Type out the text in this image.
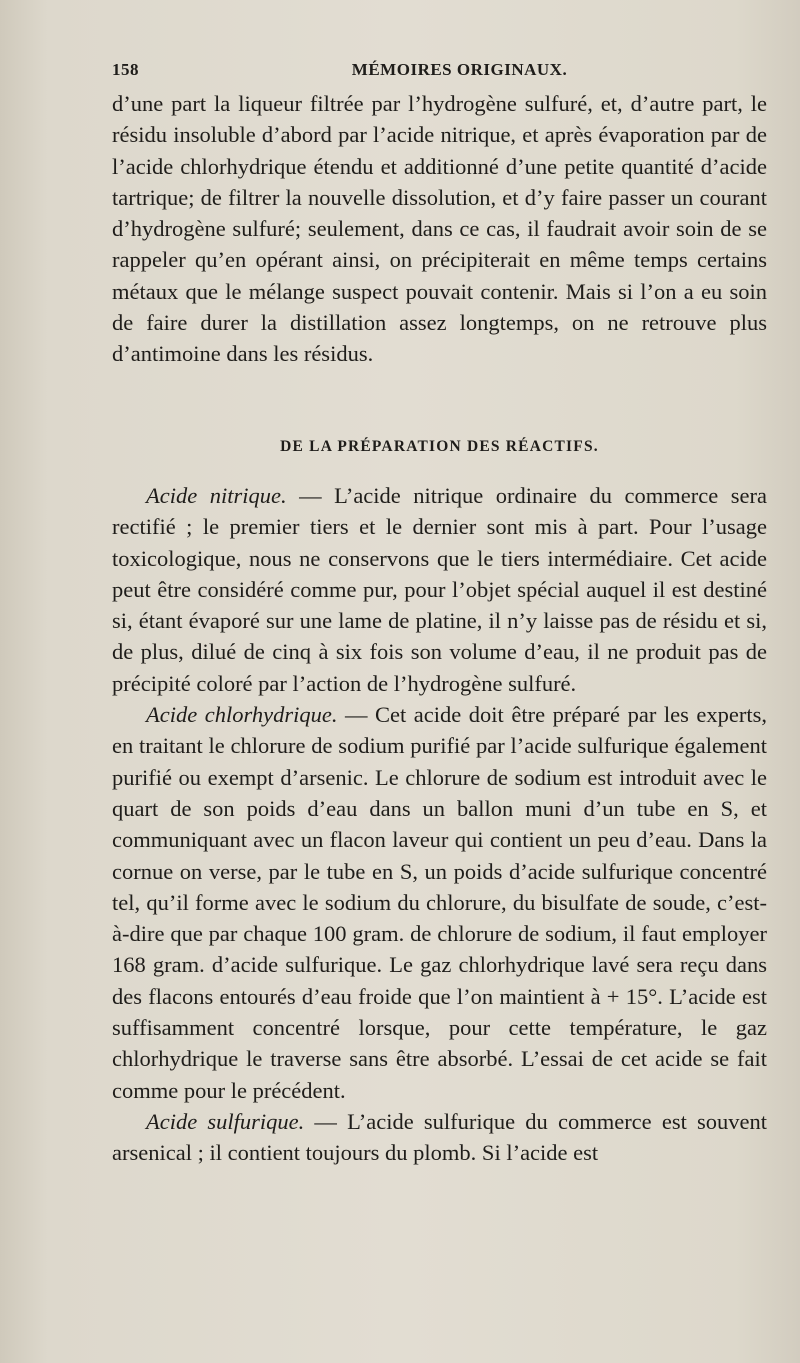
158	MÉMOIRES ORIGINAUX.

d’une part la liqueur filtrée par l’hydrogène sulfuré, et, d’autre part, le résidu insoluble d’abord par l’acide nitrique, et après évaporation par de l’acide chlorhydrique étendu et additionné d’une petite quantité d’acide tartrique; de filtrer la nouvelle dissolution, et d’y faire passer un courant d’hydrogène sulfuré; seulement, dans ce cas, il faudrait avoir soin de se rappeler qu’en opérant ainsi, on précipiterait en même temps certains métaux que le mélange suspect pouvait contenir. Mais si l’on a eu soin de faire durer la distillation assez longtemps, on ne retrouve plus d’antimoine dans les résidus.

DE LA PRÉPARATION DES RÉACTIFS.

Acide nitrique. — L’acide nitrique ordinaire du commerce sera rectifié ; le premier tiers et le dernier sont mis à part. Pour l’usage toxicologique, nous ne conservons que le tiers intermédiaire. Cet acide peut être considéré comme pur, pour l’objet spécial auquel il est destiné si, étant évaporé sur une lame de platine, il n’y laisse pas de résidu et si, de plus, dilué de cinq à six fois son volume d’eau, il ne produit pas de précipité coloré par l’action de l’hydrogène sulfuré.

Acide chlorhydrique. — Cet acide doit être préparé par les experts, en traitant le chlorure de sodium purifié par l’acide sulfurique également purifié ou exempt d’arsenic. Le chlorure de sodium est introduit avec le quart de son poids d’eau dans un ballon muni d’un tube en S, et communiquant avec un flacon laveur qui contient un peu d’eau. Dans la cornue on verse, par le tube en S, un poids d’acide sulfurique concentré tel, qu’il forme avec le sodium du chlorure, du bisulfate de soude, c’est-à-dire que par chaque 100 gram. de chlorure de sodium, il faut employer 168 gram. d’acide sulfurique. Le gaz chlorhydrique lavé sera reçu dans des flacons entourés d’eau froide que l’on maintient à + 15°. L’acide est suffisamment concentré lorsque, pour cette température, le gaz chlorhydrique le traverse sans être absorbé. L’essai de cet acide se fait comme pour le précédent.

Acide sulfurique. — L’acide sulfurique du commerce est souvent arsenical ; il contient toujours du plomb. Si l’acide est
